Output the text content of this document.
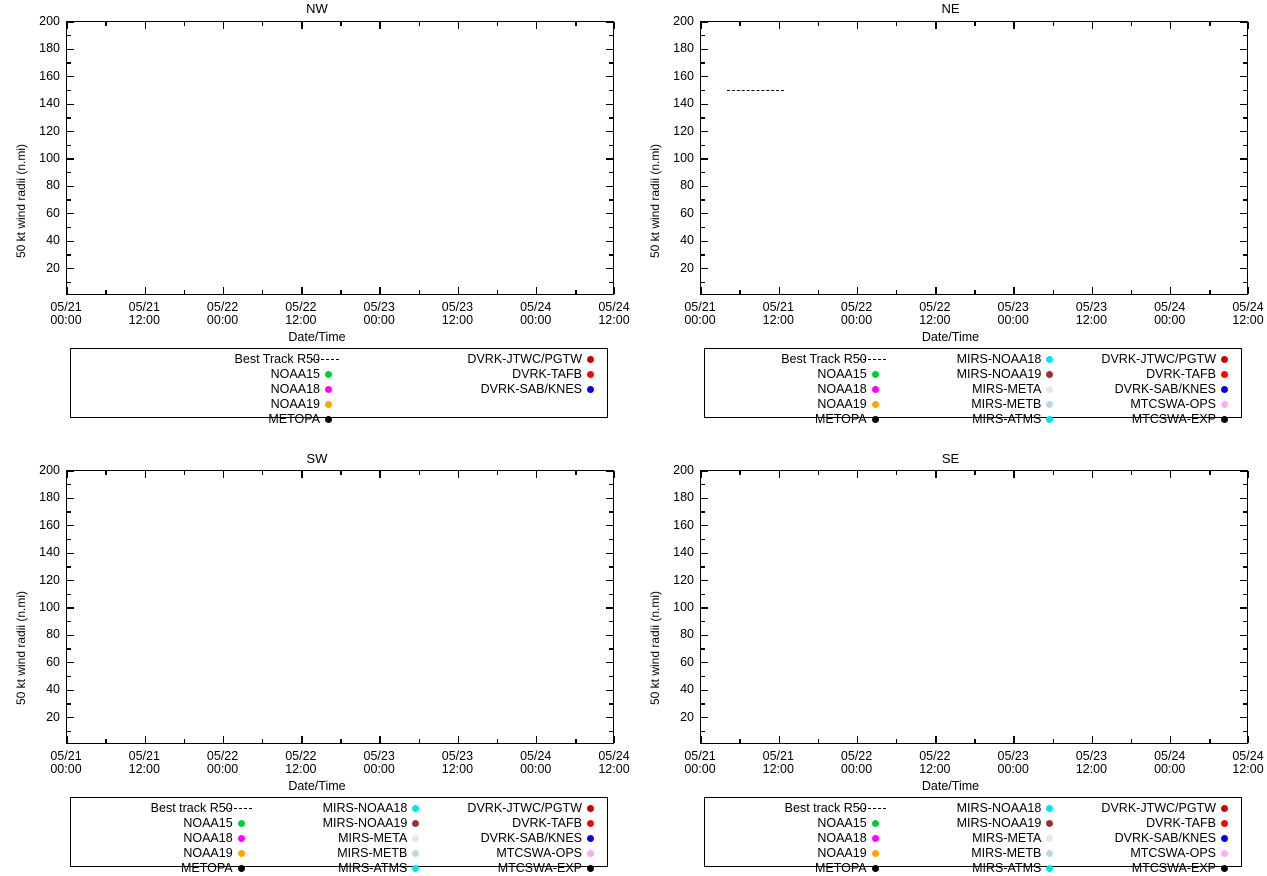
NW
50 kt wind radii (n.mi)
Date/Time
Best Track R50	DVRK-JTWC/PGTW
NOAA15	DVRK-TAFB
NOAA18	DVRK-SAB/KNES
NOAA19
METOPA
20
40
60
80
100
120
140
160
180
200
05/21
00:00
05/21
12:00
05/22
00:00
05/22
12:00
05/23
00:00
05/23
12:00
05/24
00:00
05/24
12:00
NE
50 kt wind radii (n.mi)
Date/Time
Best Track R50	MIRS-NOAA18	DVRK-JTWC/PGTW
NOAA15	MIRS-NOAA19	DVRK-TAFB
NOAA18	MIRS-META	DVRK-SAB/KNES
NOAA19	MIRS-METB	MTCSWA-OPS
METOPA	MIRS-ATMS	MTCSWA-EXP
20
40
60
80
100
120
140
160
180
200
05/21
00:00
05/21
12:00
05/22
00:00
05/22
12:00
05/23
00:00
05/23
12:00
05/24
00:00
05/24
12:00
SW
50 kt wind radii (n.mi)
Date/Time
Best track R50	MIRS-NOAA18	DVRK-JTWC/PGTW
NOAA15	MIRS-NOAA19	DVRK-TAFB
NOAA18	MIRS-META	DVRK-SAB/KNES
NOAA19	MIRS-METB	MTCSWA-OPS
METOPA	MIRS-ATMS	MTCSWA-EXP
20
40
60
80
100
120
140
160
180
200
05/21
00:00
05/21
12:00
05/22
00:00
05/22
12:00
05/23
00:00
05/23
12:00
05/24
00:00
05/24
12:00
SE
50 kt wind radii (n.mi)
Date/Time
Best track R50	MIRS-NOAA18	DVRK-JTWC/PGTW
NOAA15	MIRS-NOAA19	DVRK-TAFB
NOAA18	MIRS-META	DVRK-SAB/KNES
NOAA19	MIRS-METB	MTCSWA-OPS
METOPA	MIRS-ATMS	MTCSWA-EXP
20
40
60
80
100
120
140
160
180
200
05/21
00:00
05/21
12:00
05/22
00:00
05/22
12:00
05/23
00:00
05/23
12:00
05/24
00:00
05/24
12:00
